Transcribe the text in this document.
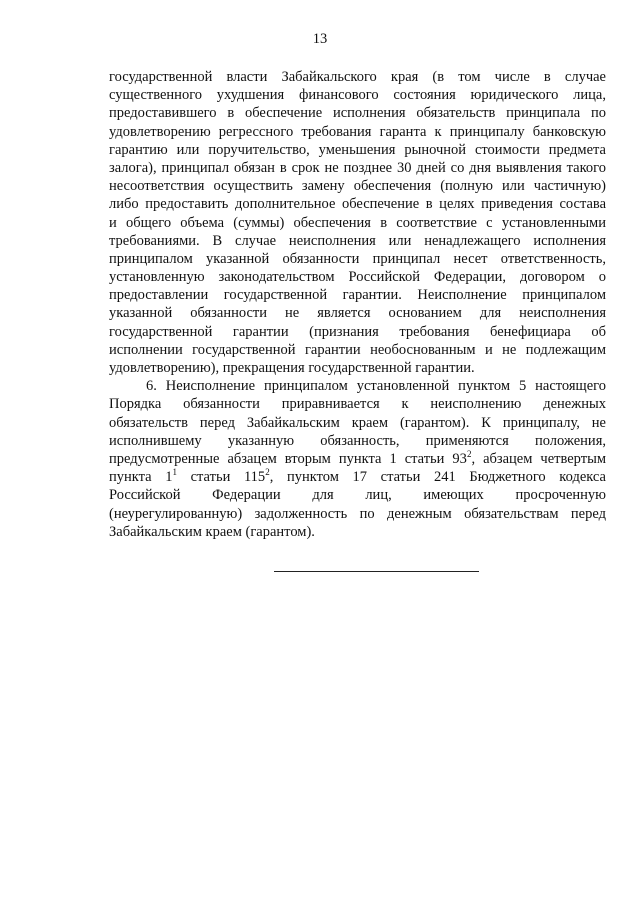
13
государственной власти Забайкальского края (в том числе в случае
существенного ухудшения финансового состояния юридического лица,
предоставившего в обеспечение исполнения обязательств принципала по
удовлетворению регрессного требования гаранта к принципалу банковскую
гарантию или поручительство, уменьшения рыночной стоимости предмета
залога), принципал обязан в срок не позднее 30 дней со дня выявления такого
несоответствия осуществить замену обеспечения (полную или частичную)
либо предоставить дополнительное обеспечение в целях приведения состава
и общего объема (суммы) обеспечения в соответствие с установленными
требованиями. В случае неисполнения или ненадлежащего исполнения
принципалом указанной обязанности принципал несет ответственность,
установленную законодательством Российской Федерации, договором о
предоставлении государственной гарантии. Неисполнение принципалом
указанной обязанности не является основанием для неисполнения
государственной гарантии (признания требования бенефициара об
исполнении государственной гарантии необоснованным и не подлежащим
удовлетворению), прекращения государственной гарантии.
6. Неисполнение принципалом установленной пунктом 5 настоящего
Порядка обязанности приравнивается к неисполнению денежных
обязательств перед Забайкальским краем (гарантом). К принципалу, не
исполнившему указанную обязанность, применяются положения,
предусмотренные абзацем вторым пункта 1 статьи $93^2$, абзацем четвертым
пункта $1^1$ статьи $115^2$, пунктом 17 статьи 241 Бюджетного кодекса
Российской Федерации для лиц, имеющих просроченную
(неурегулированную) задолженность по денежным обязательствам перед
Забайкальским краем (гарантом).
